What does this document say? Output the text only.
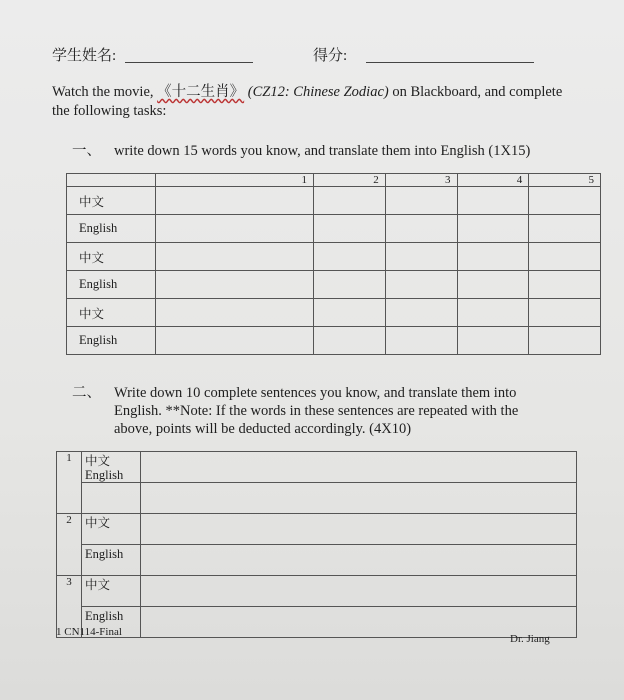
学生姓名:	得分:
Watch the movie, 《十二生肖》 (CZ12: Chinese Zodiac) on Blackboard, and complete the following tasks:
一、 write down 15 words you know, and translate them into English (1X15)
	1	2	3	4	5
中文					
English					
中文					
English					
中文					
English					
二、 Write down 10 complete sentences you know, and translate them into English. **Note: If the words in these sentences are repeated with the above, points will be deducted accordingly. (4X10)
1	中文
English	

2	中文	
	English	
3	中文	
	English	
1 CN114-Final
Dr. Jiang
